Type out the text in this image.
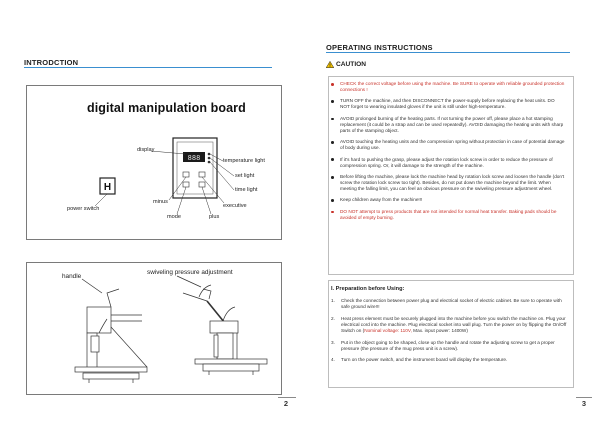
INTRODCTION
digital manipulation board
display
temperature light
set light
time light
power switch
minus
executive
mode	plus
H
888
handle
swiveling pressure adjustment
2
OPERATING INSTRUCTIONS
CAUTION
CHECK the correct voltage before using the machine. Be SURE to operate with reliable grounded protection connections !
TURN OFF the machine, and then DISCONNECT the power-supply before replacing the heat units. DO NOT forget to wearing insulated gloves if the unit is still under high-temperature.
AVOID prolonged burning of the heating parts. If not turning the power off, please place a hot stamping replacement (it could be a strap and can be used repeatedly). AVOID damaging the heating units with sharp parts of the stamping object.
AVOID touching the heating units and the compression spring without protection in case of potential damage of body during use.
If it's hard to pushing the grasp, please adjust the rotation lock screw in order to reduce the pressure of compression spring. Or, it will damage to the strength of the machine.
Before lifting the machine, please lock the machine head by rotation lock screw and loosen the handle (don't screw the rotation lock screw too tight). Besides, do not put down the machine beyond the limit. When meeting the falling limit, you can feel an obvious pressure on the swiveling pressure adjustment wheel.
Keep children away from the machine!!!
DO NOT attempt to press products that are not intended for normal heat transfer. Baking pads should be avoided of empty burning.
I. Preparation before Using:
1. Check the connection between power plug and electrical socket of electric cabinet. Be sure to operate with safe ground wire!!!
2. Heat press element must be securely plugged into the machine before you switch the machine on. Plug your electrical cord into the machine. Plug electrical socket into wall plug. Turn the power on by flipping the On/Off Switch on (Nominal voltage: 110V, Max. input power: 1400W)
3. Put in the object going to be shaped, close up the handle and rotate the adjusting screw to get a proper pressure (the pressure of the mug press unit is a screw).
4. Turn on the power switch, and the instrument board will display the temperature.
3
